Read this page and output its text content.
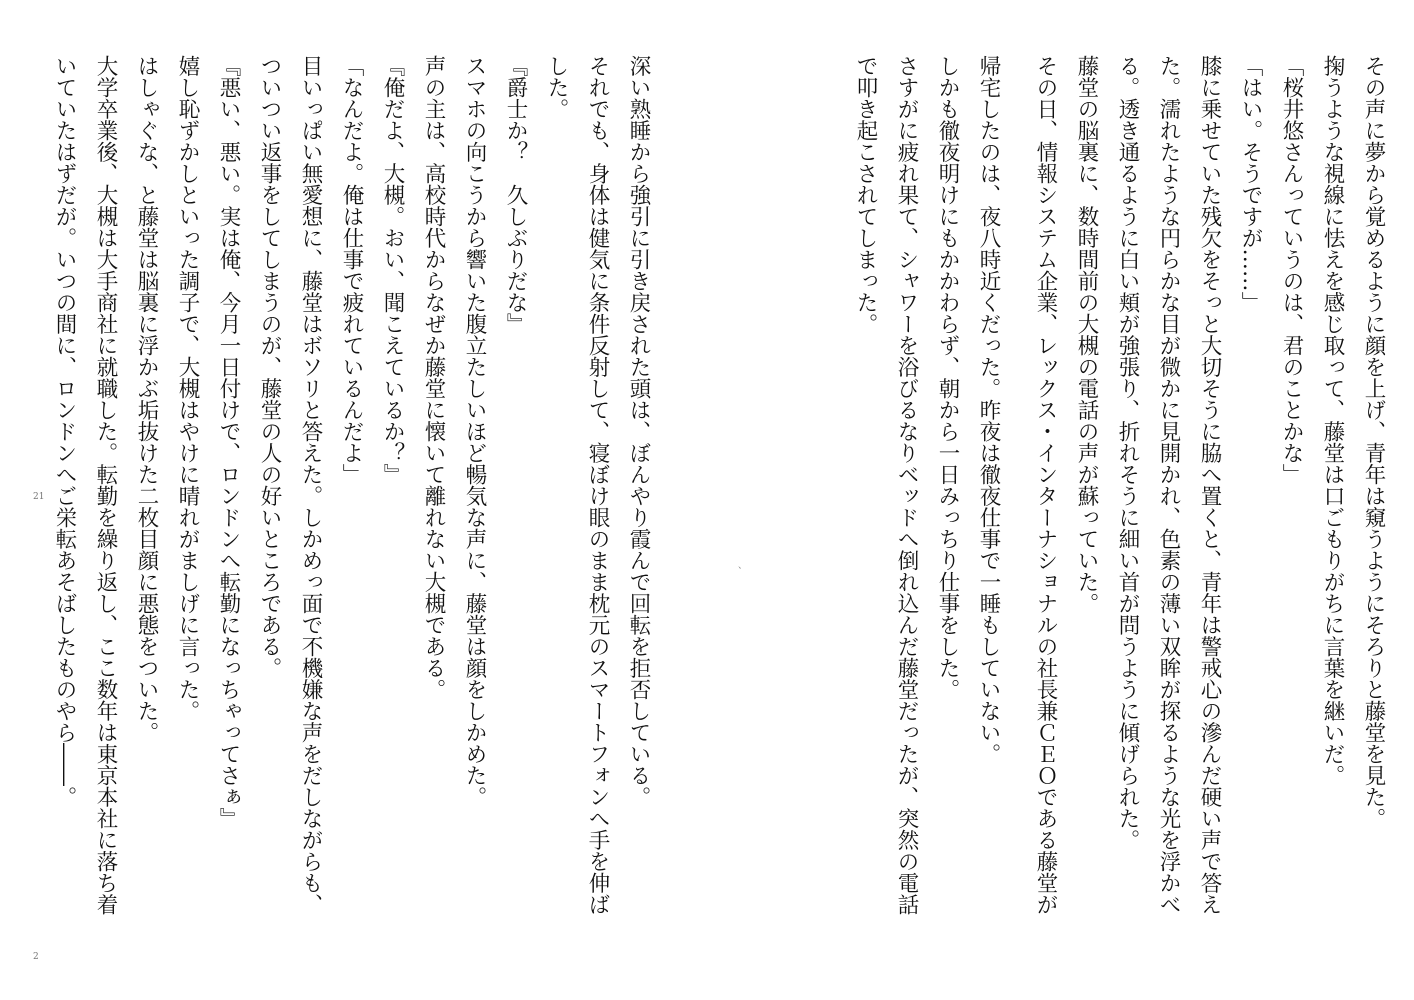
その声に夢から覚めるように顔を上げ、青年は窺うようにそろりと藤堂を見た。
掬うような視線に怯えを感じ取って、藤堂は口ごもりがちに言葉を継いだ。
「桜井悠さんっていうのは、君のことかな」
「はい。そうですが……」
膝に乗せていた残欠をそっと大切そうに脇へ置くと、青年は警戒心の滲んだ硬い声で答え
た。濡れたような円らかな目が微かに見開かれ、色素の薄い双眸が探るような光を浮かべ
る。透き通るように白い頬が強張り、折れそうに細い首が問うように傾げられた。
藤堂の脳裏に、数時間前の大槻の電話の声が蘇っていた。
その日、情報システム企業、レックス・インターナショナルの社長兼ＣＥＯである藤堂が
帰宅したのは、夜八時近くだった。昨夜は徹夜仕事で一睡もしていない。
しかも徹夜明けにもかかわらず、朝から一日みっちり仕事をした。
さすがに疲れ果て、シャワーを浴びるなりベッドへ倒れ込んだ藤堂だったが、突然の電話
で叩き起こされてしまった。
、
深い熟睡から強引に引き戻された頭は、ぼんやり霞んで回転を拒否している。
それでも、身体は健気に条件反射して、寝ぼけ眼のまま枕元のスマートフォンへ手を伸ば
した。
『爵士か？　久しぶりだな』
スマホの向こうから響いた腹立たしいほど暢気な声に、藤堂は顔をしかめた。
声の主は、高校時代からなぜか藤堂に懐いて離れない大槻である。
『俺だよ、大槻。おい、聞こえているか？』
「なんだよ。俺は仕事で疲れているんだよ」
目いっぱい無愛想に、藤堂はボソリと答えた。しかめっ面で不機嫌な声をだしながらも、
ついつい返事をしてしまうのが、藤堂の人の好いところである。
『悪い、悪い。実は俺、今月一日付けで、ロンドンへ転勤になっちゃってさぁ』
嬉し恥ずかしといった調子で、大槻はやけに晴れがましげに言った。
はしゃぐな、と藤堂は脳裏に浮かぶ垢抜けた二枚目顔に悪態をついた。
大学卒業後、大槻は大手商社に就職した。転勤を繰り返し、ここ数年は東京本社に落ち着
いていたはずだが。いつの間に、ロンドンへご栄転あそばしたものやら――。
21
2
